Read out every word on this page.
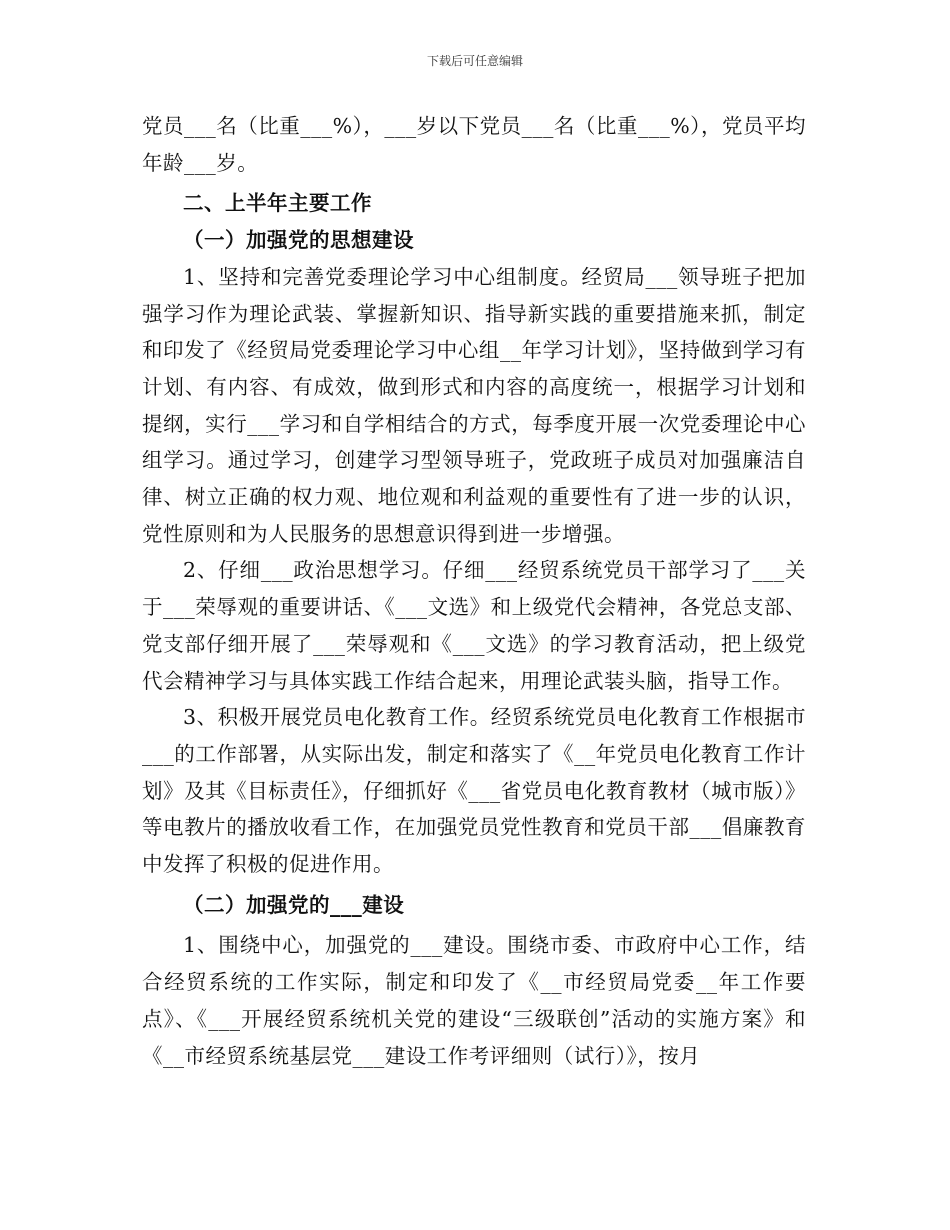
下载后可任意编辑

党员___名（比重___%），___岁以下党员___名（比重___%），党员平均年龄___岁。

二、上半年主要工作

（一）加强党的思想建设

1、坚持和完善党委理论学习中心组制度。经贸局___领导班子把加强学习作为理论武装、掌握新知识、指导新实践的重要措施来抓，制定和印发了《经贸局党委理论学习中心组__年学习计划》，坚持做到学习有计划、有内容、有成效，做到形式和内容的高度统一，根据学习计划和提纲，实行___学习和自学相结合的方式，每季度开展一次党委理论中心组学习。通过学习，创建学习型领导班子，党政班子成员对加强廉洁自律、树立正确的权力观、地位观和利益观的重要性有了进一步的认识，党性原则和为人民服务的思想意识得到进一步增强。

2、仔细___政治思想学习。仔细___经贸系统党员干部学习了___关于___荣辱观的重要讲话、《___文选》和上级党代会精神，各党总支部、党支部仔细开展了___荣辱观和《___文选》的学习教育活动，把上级党代会精神学习与具体实践工作结合起来，用理论武装头脑，指导工作。

3、积极开展党员电化教育工作。经贸系统党员电化教育工作根据市___的工作部署，从实际出发，制定和落实了《__年党员电化教育工作计划》及其《目标责任》，仔细抓好《___省党员电化教育教材（城市版）》等电教片的播放收看工作，在加强党员党性教育和党员干部___倡廉教育中发挥了积极的促进作用。

（二）加强党的___建设

1、围绕中心，加强党的___建设。围绕市委、市政府中心工作，结合经贸系统的工作实际，制定和印发了《__市经贸局党委__年工作要点》、《___开展经贸系统机关党的建设“三级联创”活动的实施方案》和《__市经贸系统基层党___建设工作考评细则（试行）》，按月
